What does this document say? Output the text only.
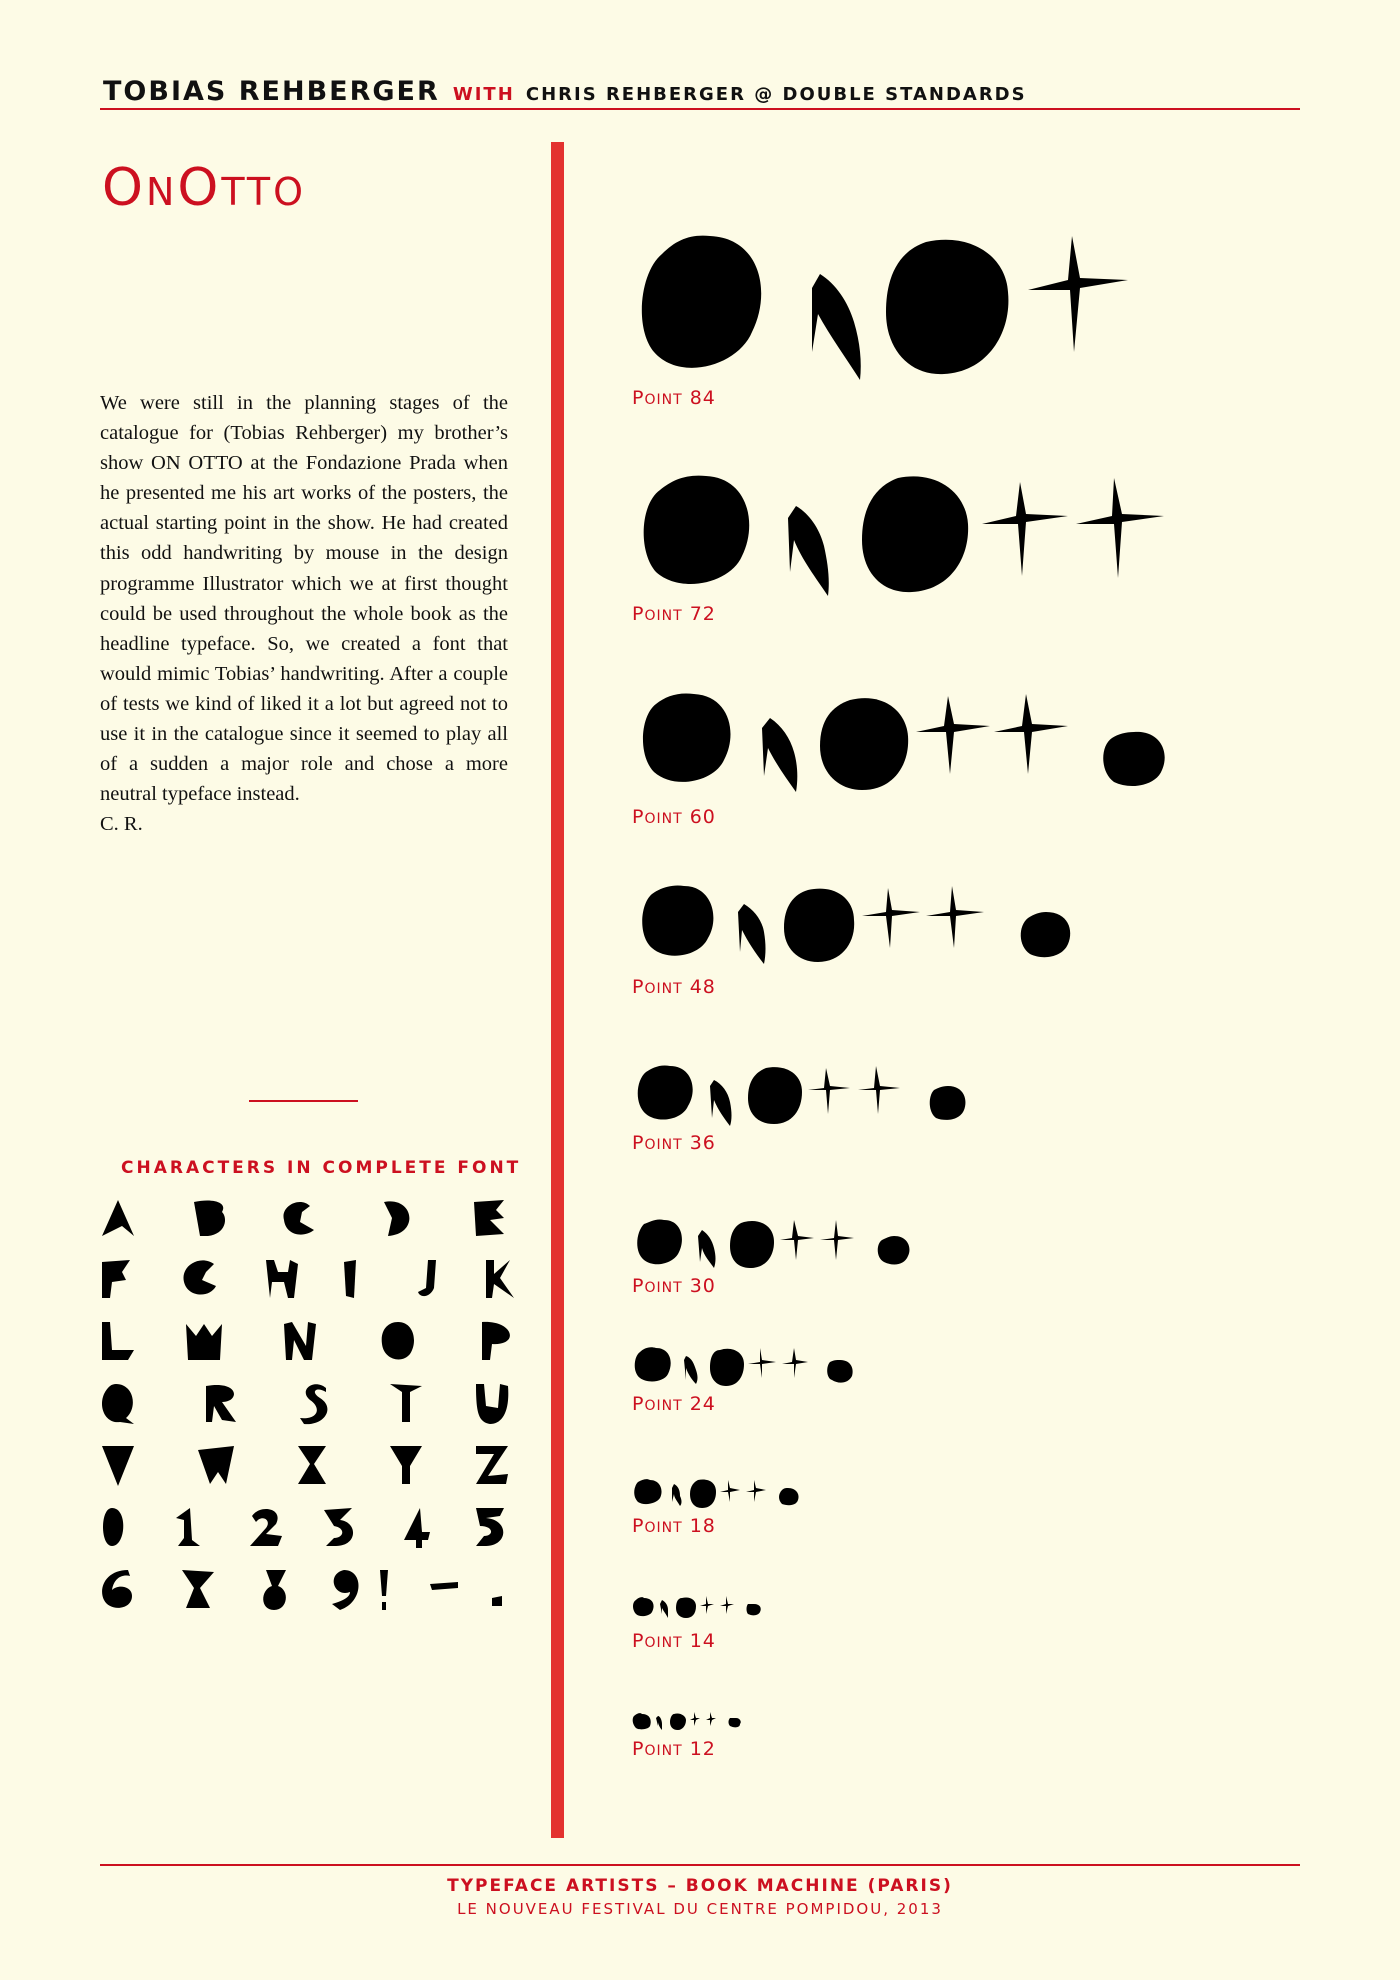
TOBIAS REHBERGER WITH CHRIS REHBERGER @ DOUBLE STANDARDS
ONOTTO
We were still in the planning stages of the catalogue for (Tobias Rehberger) my brother’s show ON OTTO at the Fondazione Prada when he presented me his art works of the posters, the actual starting point in the show. He had created this odd handwriting by mouse in the design programme Illustrator which we at first thought could be used throughout the whole book as the headline typeface. So, we created a font that would mimic Tobias’ handwriting. After a couple of tests we kind of liked it a lot but agreed not to use it in the catalogue since it seemed to play all of a sudden a major role and chose a more neutral typeface instead.
C. R.
CHARACTERS IN COMPLETE FONT
POINT 84
POINT 72
POINT 60
POINT 48
POINT 36
POINT 30
POINT 24
POINT 18
POINT 14
POINT 12
TYPEFACE ARTISTS – BOOK MACHINE (PARIS)
LE NOUVEAU FESTIVAL DU CENTRE POMPIDOU, 2013
